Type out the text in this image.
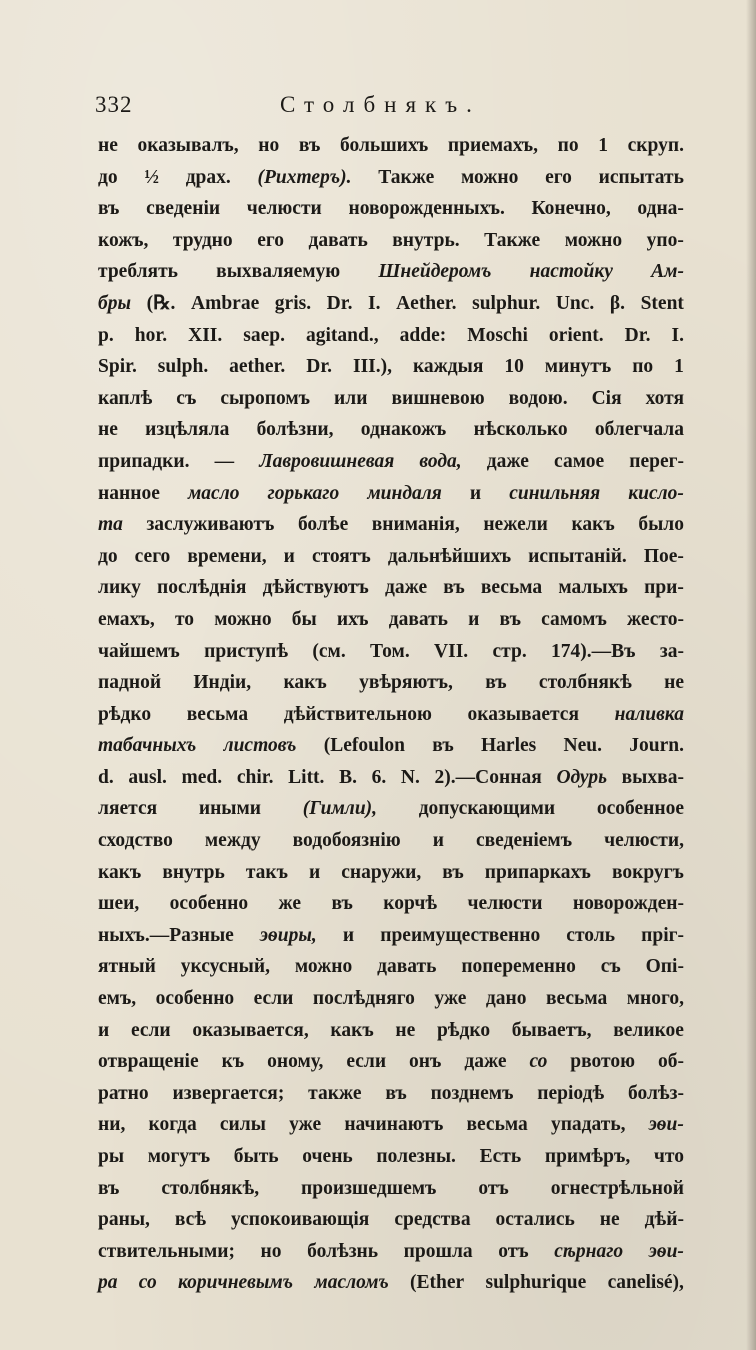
332	Столбнякъ.
не оказывалъ, но въ большихъ приемахъ, по 1 скруп.
до ½ драх. (Рихтеръ). Также можно его испытать
въ сведеніи челюсти новорожденныхъ. Конечно, одна-
кожъ, трудно его давать внутрь. Также можно упо-
треблять выхваляемую Шнейдеромъ настойку Ам-
бры (℞. Ambrae gris. Dr. I. Aether. sulphur. Unc. β. Stent
p. hor. XII. saep. agitand., adde: Moschi orient. Dr. I.
Spir. sulph. aether. Dr. III.), каждыя 10 минутъ по 1
каплѣ съ сыропомъ или вишневою водою. Сія хотя
не изцѣляла болѣзни, однакожъ нѣсколько облегчала
припадки. — Лавровишневая вода, даже самое перег-
нанное масло горькаго миндаля и синильняя кисло-
та заслуживаютъ болѣе вниманія, нежели какъ было
до сего времени, и стоятъ дальнѣйшихъ испытаній. Пое-
лику послѣднія дѣйствуютъ даже въ весьма малыхъ при-
емахъ, то можно бы ихъ давать и въ самомъ жесто-
чайшемъ приступѣ (см. Том. VII. стр. 174).—Въ за-
падной Индіи, какъ увѣряютъ, въ столбнякѣ не
рѣдко весьма дѣйствительною оказывается наливка
табачныхъ листовъ (Lefoulon въ Harles Neu. Journ.
d. ausl. med. chir. Litt. B. 6. N. 2).—Сонная Одурь выхва-
ляется иными (Гимли), допускающими особенное
сходство между водобоязнію и сведеніемъ челюсти,
какъ внутрь такъ и снаружи, въ припаркахъ вокругъ
шеи, особенно же въ корчѣ челюсти новорожден-
ныхъ.—Разные эѳиры, и преимущественно столь пріг-
ятный уксусный, можно давать попеременно съ Опі-
емъ, особенно если послѣдняго уже дано весьма много,
и если оказывается, какъ не рѣдко бываетъ, великое
отвращеніе къ оному, если онъ даже со рвотою об-
ратно извергается; также въ позднемъ періодѣ болѣз-
ни, когда силы уже начинаютъ весьма упадать, эѳи-
ры могутъ быть очень полезны. Есть примѣръ, что
въ столбнякѣ, произшедшемъ отъ огнестрѣльной
раны, всѣ успокоивающія средства остались не дѣй-
ствительными; но болѣзнь прошла отъ сѣрнаго эѳи-
ра со коричневымъ масломъ (Ether sulphurique canelisé),
